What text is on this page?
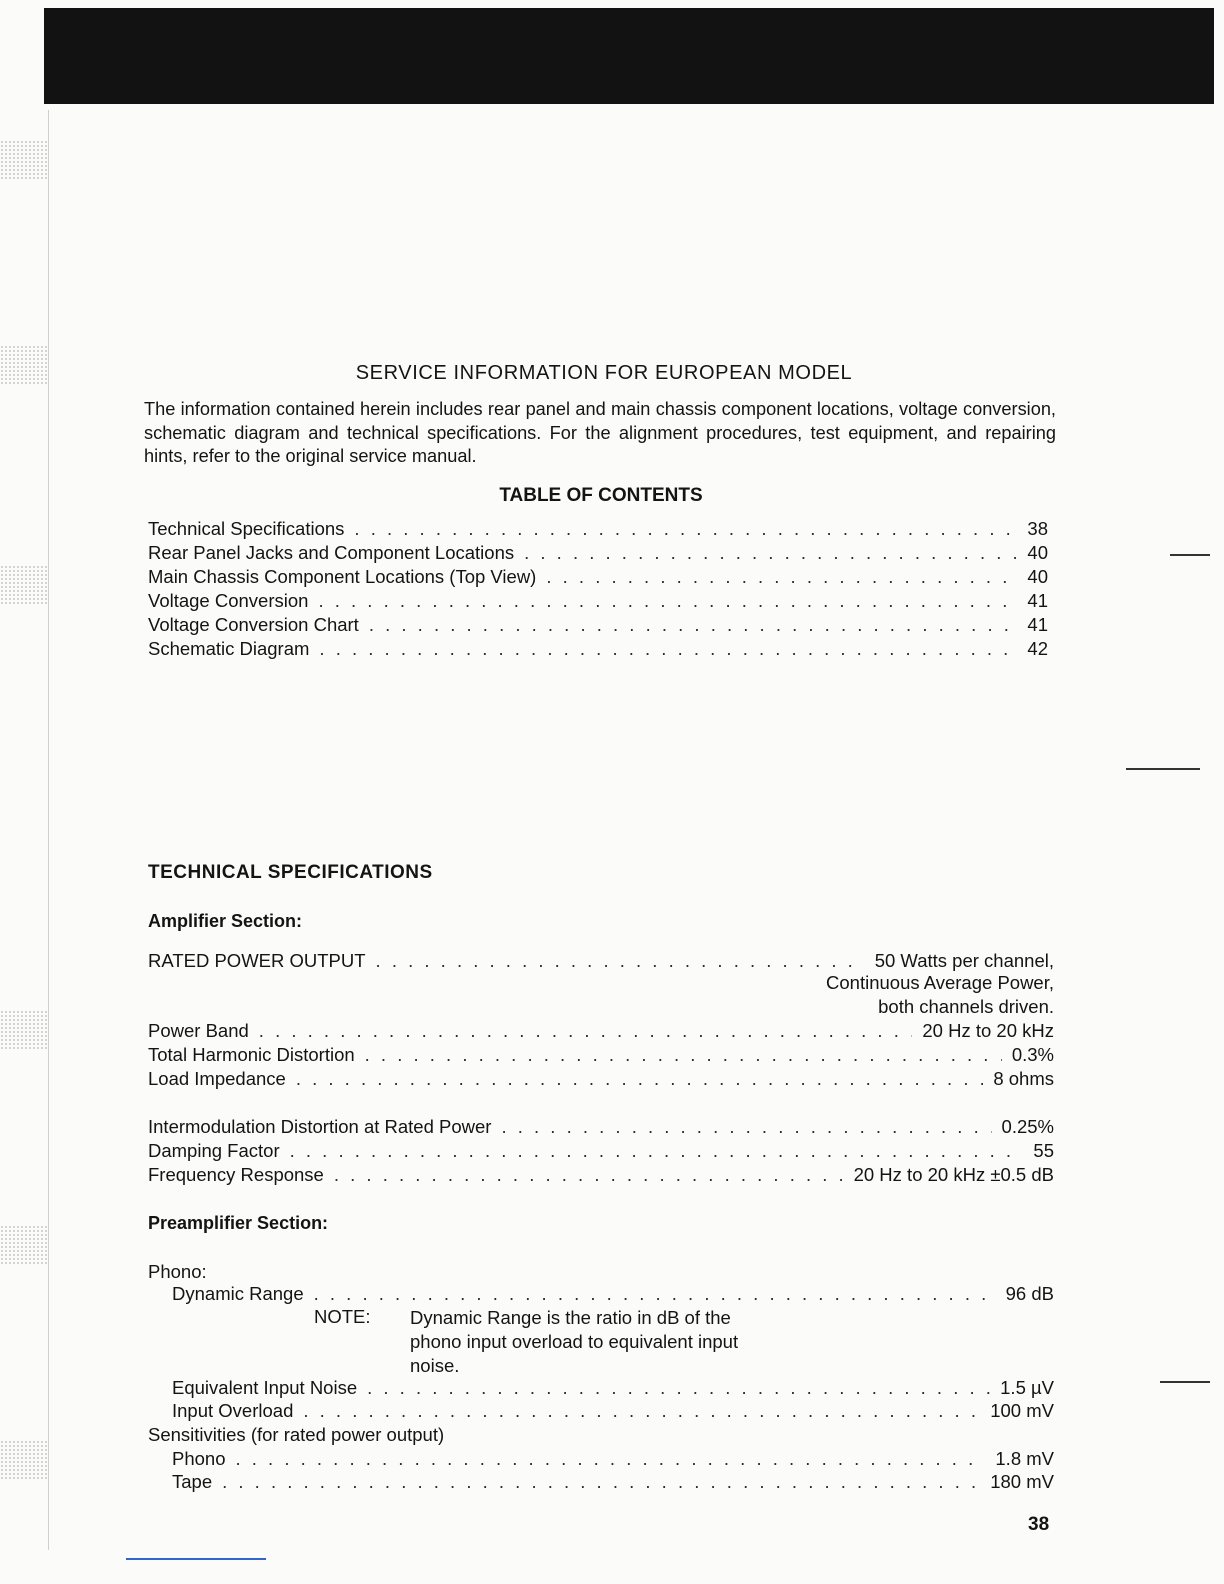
SERVICE INFORMATION FOR EUROPEAN MODEL
The information contained herein includes rear panel and main chassis component locations, voltage conversion, schematic diagram and technical specifications. For the alignment procedures, test equipment, and repairing hints, refer to the original service manual.
TABLE OF CONTENTS
Technical Specifications . . .	38
Rear Panel Jacks and Component Locations . . .	40
Main Chassis Component Locations (Top View) . . .	40
Voltage Conversion . . .	41
Voltage Conversion Chart . . .	41
Schematic Diagram . . .	42
TECHNICAL SPECIFICATIONS
Amplifier Section:
RATED POWER OUTPUT . . .	50 Watts per channel,
Continuous Average Power,
both channels driven.
Power Band . . .	20 Hz to 20 kHz
Total Harmonic Distortion . . .	0.3%
Load Impedance . . .	8 ohms
Intermodulation Distortion at Rated Power . . .	0.25%
Damping Factor . . .	55
Frequency Response . . .	20 Hz to 20 kHz ±0.5 dB
Preamplifier Section:
Phono:
Dynamic Range . . .	96 dB
NOTE: Dynamic Range is the ratio in dB of the phono input overload to equivalent input noise.
Equivalent Input Noise . . .	1.5 µV
Input Overload . . .	100 mV
Sensitivities (for rated power output)
Phono . . .	1.8 mV
Tape . . .	180 mV
38
